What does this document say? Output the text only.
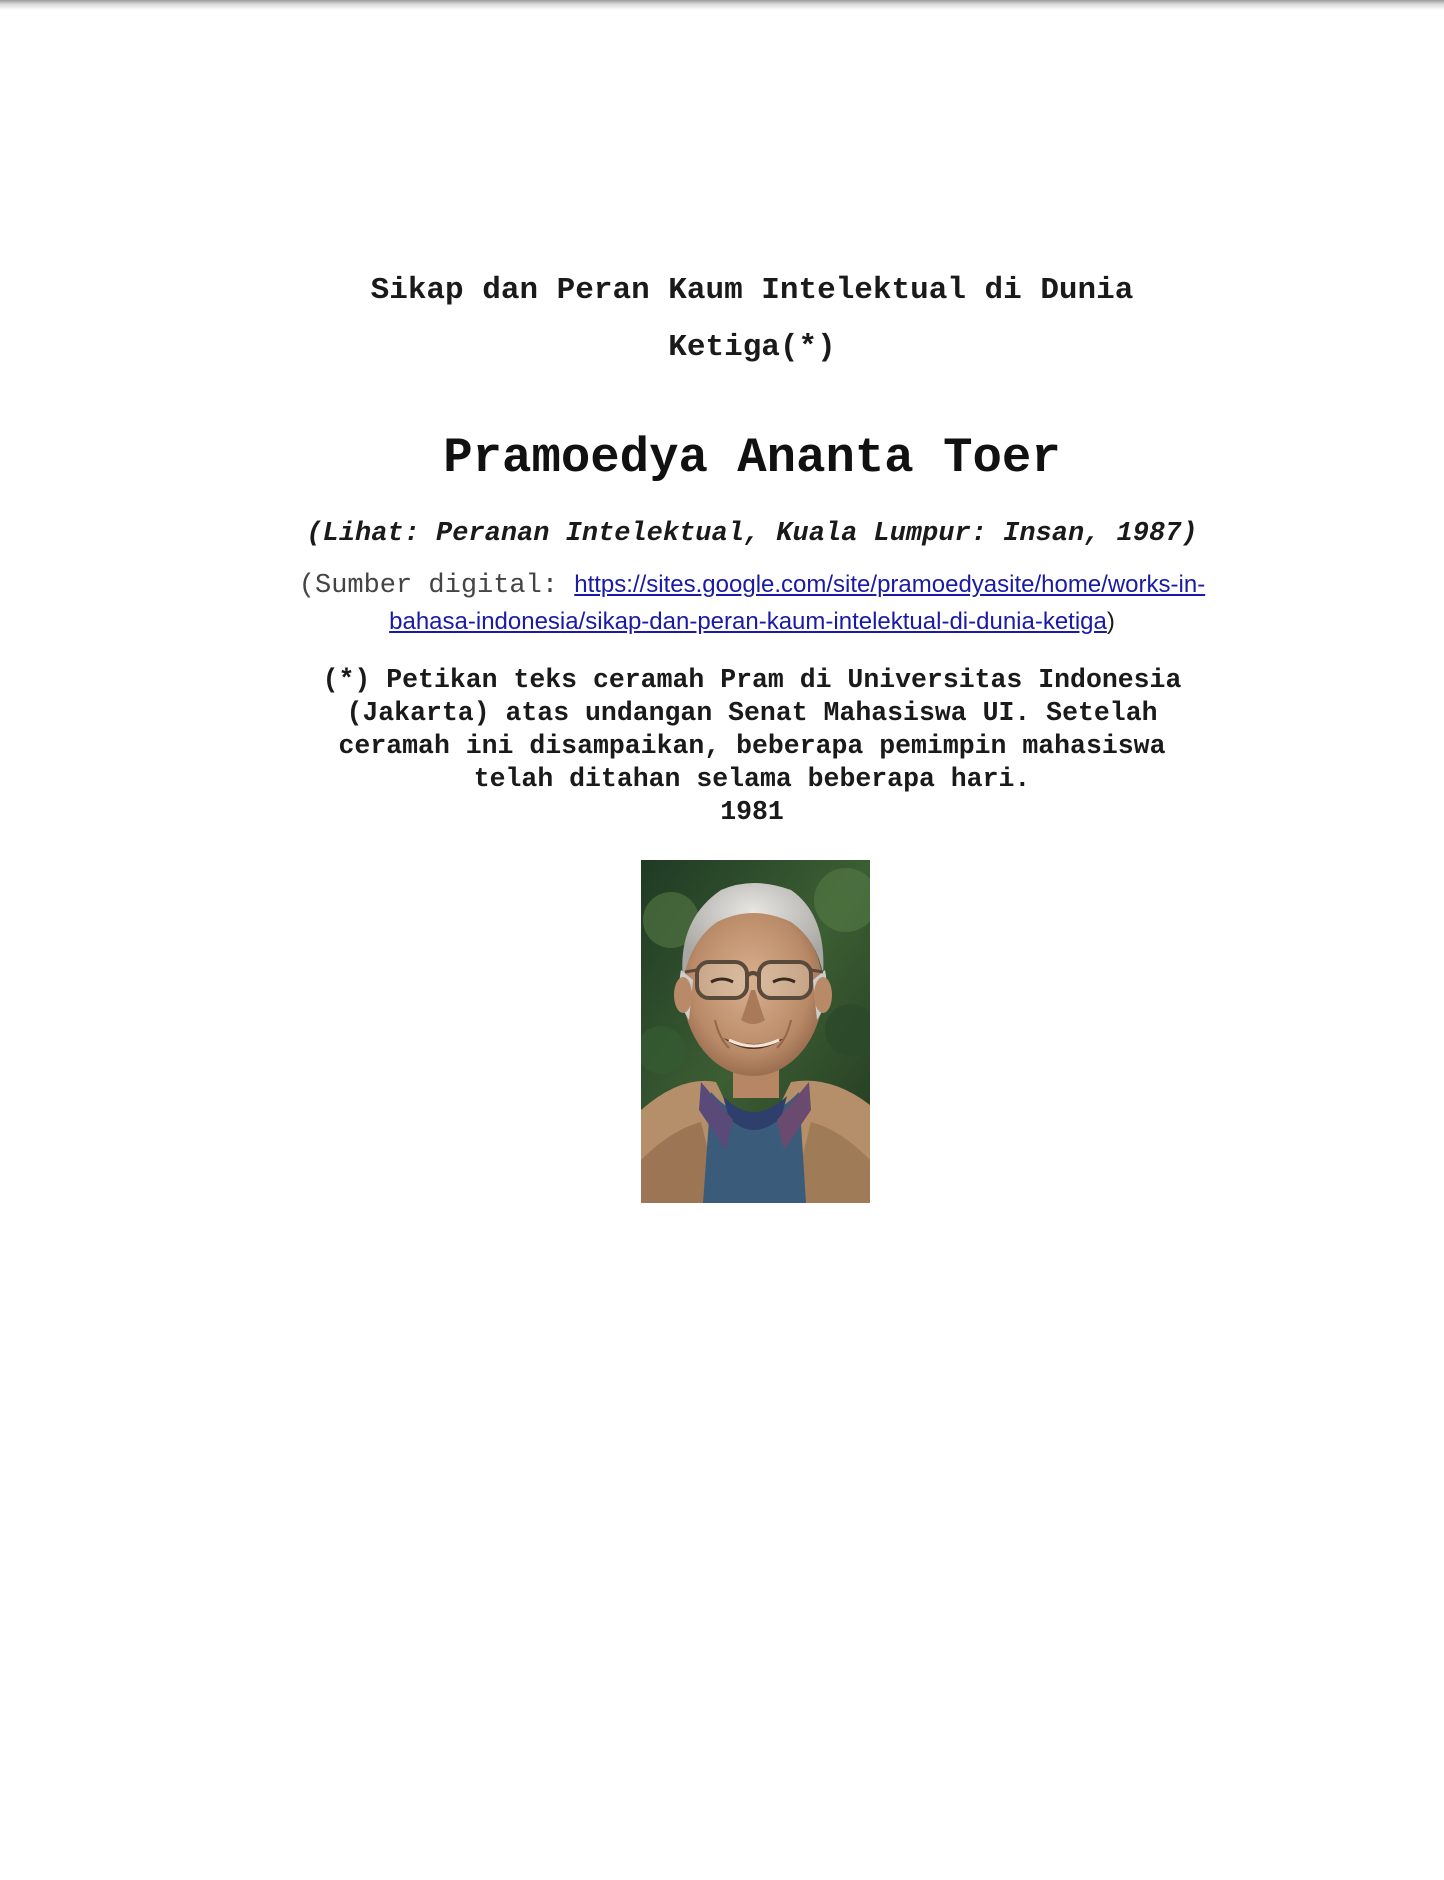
Sikap dan Peran Kaum Intelektual di Dunia
Ketiga(*)
Pramoedya Ananta Toer
(Lihat: Peranan Intelektual, Kuala Lumpur: Insan, 1987)
(Sumber digital: https://sites.google.com/site/pramoedyasite/home/works-in-
bahasa-indonesia/sikap-dan-peran-kaum-intelektual-di-dunia-ketiga)
(*) Petikan teks ceramah Pram di Universitas Indonesia
(Jakarta) atas undangan Senat Mahasiswa UI. Setelah
ceramah ini disampaikan, beberapa pemimpin mahasiswa
telah ditahan selama beberapa hari.
1981
